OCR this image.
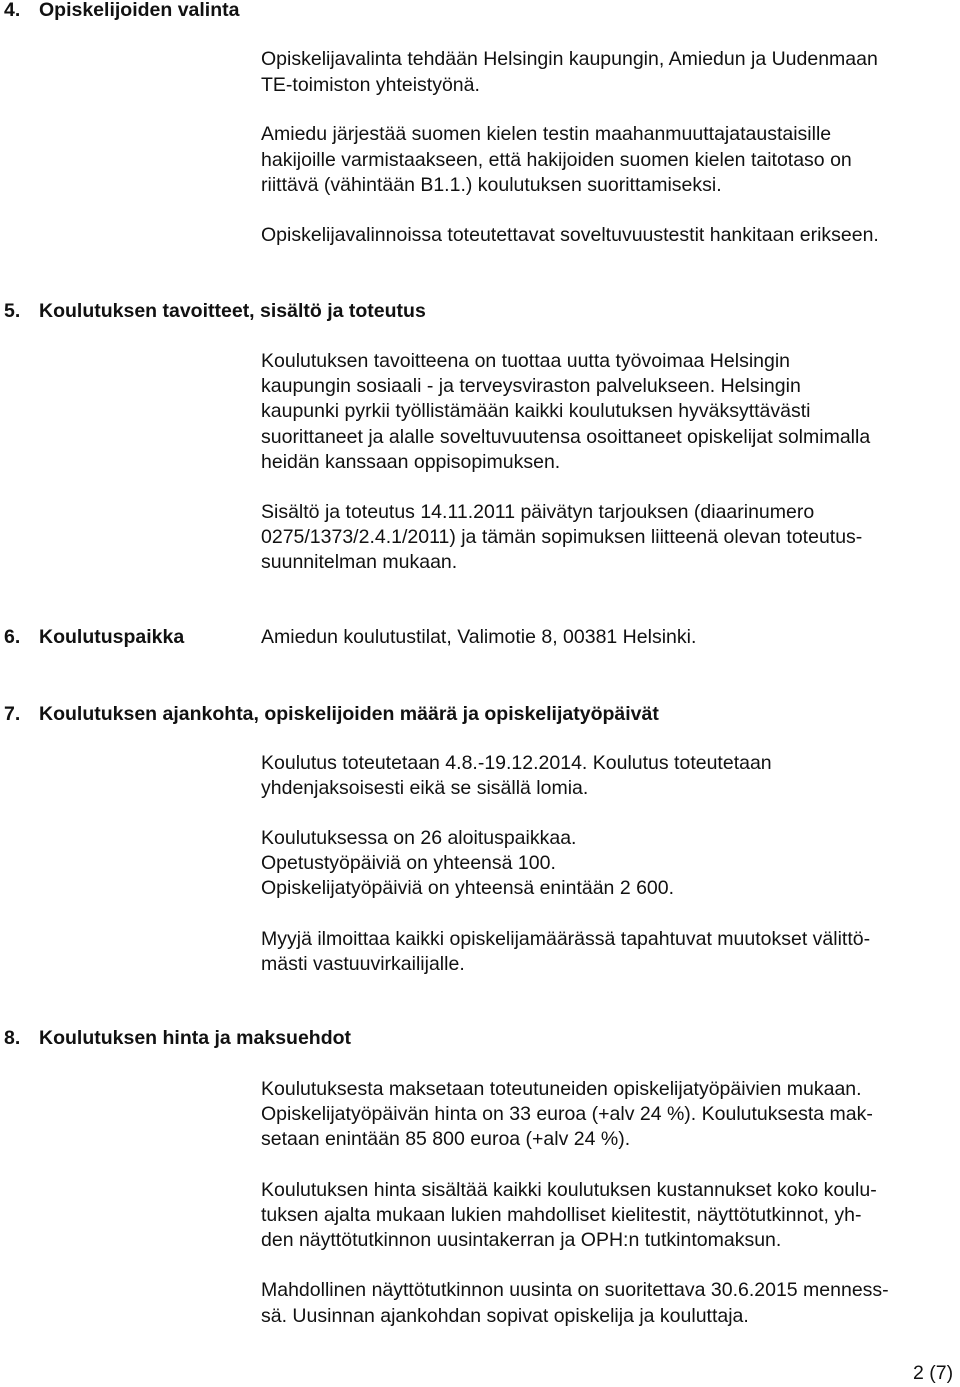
4. Opiskelijoiden valinta
Opiskelijavalinta tehdään Helsingin kaupungin, Amiedun ja Uudenmaan
TE-toimiston yhteistyönä.
Amiedu järjestää suomen kielen testin maahanmuuttajataustaisille
hakijoille varmistaakseen, että hakijoiden suomen kielen taitotaso on
riittävä (vähintään B1.1.) koulutuksen suorittamiseksi.
Opiskelijavalinnoissa toteutettavat soveltuvuustestit hankitaan erikseen.
5. Koulutuksen tavoitteet, sisältö ja toteutus
Koulutuksen tavoitteena on tuottaa uutta työvoimaa Helsingin
kaupungin sosiaali - ja terveysviraston palvelukseen. Helsingin
kaupunki pyrkii työllistämään kaikki koulutuksen hyväksyttävästi
suorittaneet ja alalle soveltuvuutensa osoittaneet opiskelijat solmimalla
heidän kanssaan oppisopimuksen.
Sisältö ja toteutus 14.11.2011 päivätyn tarjouksen (diaarinumero
0275/1373/2.4.1/2011) ja tämän sopimuksen liitteenä olevan toteutus-
suunnitelman mukaan.
6. Koulutuspaikka	Amiedun koulutustilat, Valimotie 8, 00381 Helsinki.
7. Koulutuksen ajankohta, opiskelijoiden määrä ja opiskelijatyöpäivät
Koulutus toteutetaan 4.8.-19.12.2014. Koulutus toteutetaan
yhdenjaksoisesti eikä se sisällä lomia.
Koulutuksessa on 26 aloituspaikkaa.
Opetustyöpäiviä on yhteensä 100.
Opiskelijatyöpäiviä on yhteensä enintään 2 600.
Myyjä ilmoittaa kaikki opiskelijamäärässä tapahtuvat muutokset välittö-
mästi vastuuvirkailijalle.
8. Koulutuksen hinta ja maksuehdot
Koulutuksesta maksetaan toteutuneiden opiskelijatyöpäivien mukaan.
Opiskelijatyöpäivän hinta on 33 euroa (+alv 24 %). Koulutuksesta mak-
setaan enintään 85 800 euroa (+alv 24 %).
Koulutuksen hinta sisältää kaikki koulutuksen kustannukset koko koulu-
tuksen ajalta mukaan lukien mahdolliset kielitestit, näyttötutkinnot, yh-
den näyttötutkinnon uusintakerran ja OPH:n tutkintomaksun.
Mahdollinen näyttötutkinnon uusinta on suoritettava 30.6.2015 menness-
sä. Uusinnan ajankohdan sopivat opiskelija ja kouluttaja.
2 (7)
